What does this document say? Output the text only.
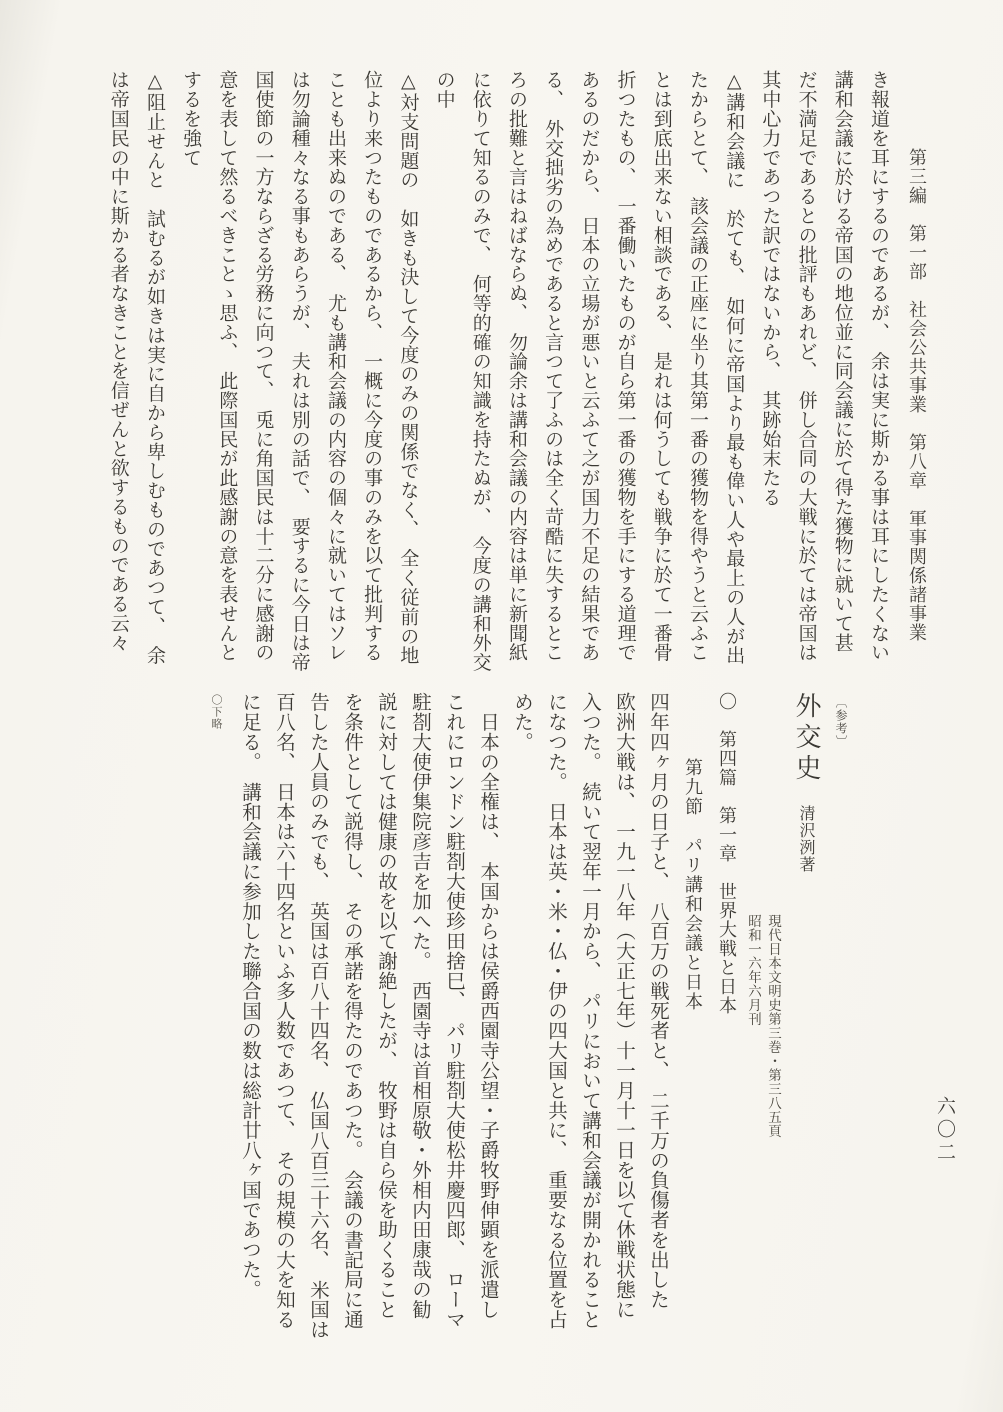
第三編　第一部　社会公共事業　第八章　軍事関係諸事業
六〇二
き報道を耳にするのであるが、　余は実に斯かる事は耳にしたくない
講和会議に於ける帝国の地位並に同会議に於て得た獲物に就いて甚
だ不満足であるとの批評もあれど、　併し合同の大戦に於ては帝国は
其中心力であつた訳ではないから、　其跡始末たる
△講和会議に　於ても、　如何に帝国より最も偉い人や最上の人が出
たからとて、　該会議の正座に坐り其第一番の獲物を得やうと云ふこ
とは到底出来ない相談である、　是れは何うしても戦争に於て一番骨
折つたもの、　一番働いたものが自ら第一番の獲物を手にする道理で
あるのだから、　日本の立場が悪いと云ふて之が国力不足の結果であ
る、　外交拙劣の為めであると言つて了ふのは全く苛酷に失するとこ
ろの批難と言はねばならぬ、　勿論余は講和会議の内容は単に新聞紙
に依りて知るのみで、　何等的確の知識を持たぬが、　今度の講和外交
の中
△対支問題の　如きも決して今度のみの関係でなく、　全く従前の地
位より来つたものであるから、　一概に今度の事のみを以て批判する
ことも出来ぬのである、　尤も講和会議の内容の個々に就いてはソレ
は勿論種々なる事もあらうが、　夫れは別の話で、　要するに今日は帝
国使節の一方ならざる労務に向つて、　兎に角国民は十二分に感謝の
意を表して然るべきことゝ思ふ、　此際国民が此感謝の意を表せんと
するを強て
△阻止せんと　試むるが如きは実に自から卑しむものであつて、　余
は帝国民の中に斯かる者なきことを信ぜんと欲するものである云々
〔参考〕
外交史　清沢洌著
現代日本文明史第三巻・第三八五頁
昭和一六年六月刊
〇　第四篇　第一章　世界大戦と日本
第九節　パリ講和会議と日本
四年四ヶ月の日子と、　八百万の戦死者と、　二千万の負傷者を出した
欧洲大戦は、　一九一八年（大正七年）十一月十一日を以て休戦状態に
入つた。　続いて翌年一月から、　パリにおいて講和会議が開かれること
になつた。　日本は英・米・仏・伊の四大国と共に、　重要なる位置を占
めた。
　日本の全権は、　本国からは侯爵西園寺公望・子爵牧野伸顕を派遣し
これにロンドン駐剳大使珍田捨巳、　パリ駐剳大使松井慶四郎、　ローマ
駐剳大使伊集院彦吉を加へた。　西園寺は首相原敬・外相内田康哉の勧
説に対しては健康の故を以て謝絶したが、　牧野は自ら侯を助くること
を条件として説得し、　その承諾を得たのであつた。　会議の書記局に通
告した人員のみでも、　英国は百八十四名、　仏国八百三十六名、　米国は
百八名、　日本は六十四名といふ多人数であつて、　その規模の大を知る
に足る。　講和会議に参加した聯合国の数は総計廿八ヶ国であつた。
〇下略
